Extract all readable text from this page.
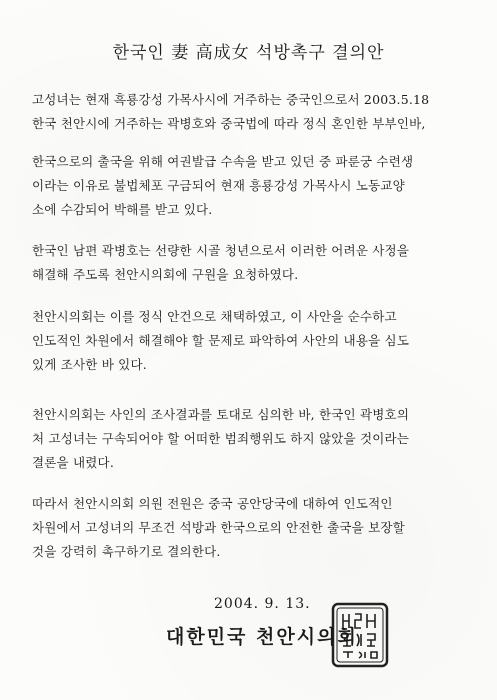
한국인 妻 高成女 석방촉구 결의안
고성녀는 현재 흑룡강성 가목사시에 거주하는 중국인으로서 2003.5.18
한국 천안시에 거주하는 곽병호와 중국법에 따라 정식 혼인한 부부인바,
한국으로의 출국을 위해 여권발급 수속을 받고 있던 중 파룬궁 수련생
이라는 이유로 불법체포 구금되어 현재 흥룡강성 가목사시 노동교양
소에 수감되어 박해를 받고 있다.
한국인 남편 곽병호는 선량한 시골 청년으로서 이러한 어려운 사정을
해결해 주도록 천안시의회에 구원을 요청하였다.
천안시의회는 이를 정식 안건으로 채택하였고, 이 사안을 순수하고
인도적인 차원에서 해결해야 할 문제로 파악하여 사안의 내용을 심도
있게 조사한 바 있다.
천안시의회는 사인의 조사결과를 토대로 심의한 바, 한국인 곽병호의
처 고성녀는 구속되어야 할 어떠한 범죄행위도 하지 않았을 것이라는
결론을 내렸다.
따라서 천안시의회 의원 전원은 중국 공안당국에 대하여 인도적인
차원에서 고성녀의 무조건 석방과 한국으로의 안전한 출국을 보장할
것을 강력히 촉구하기로 결의한다.
2004. 9. 13.
대한민국 천안시의회
